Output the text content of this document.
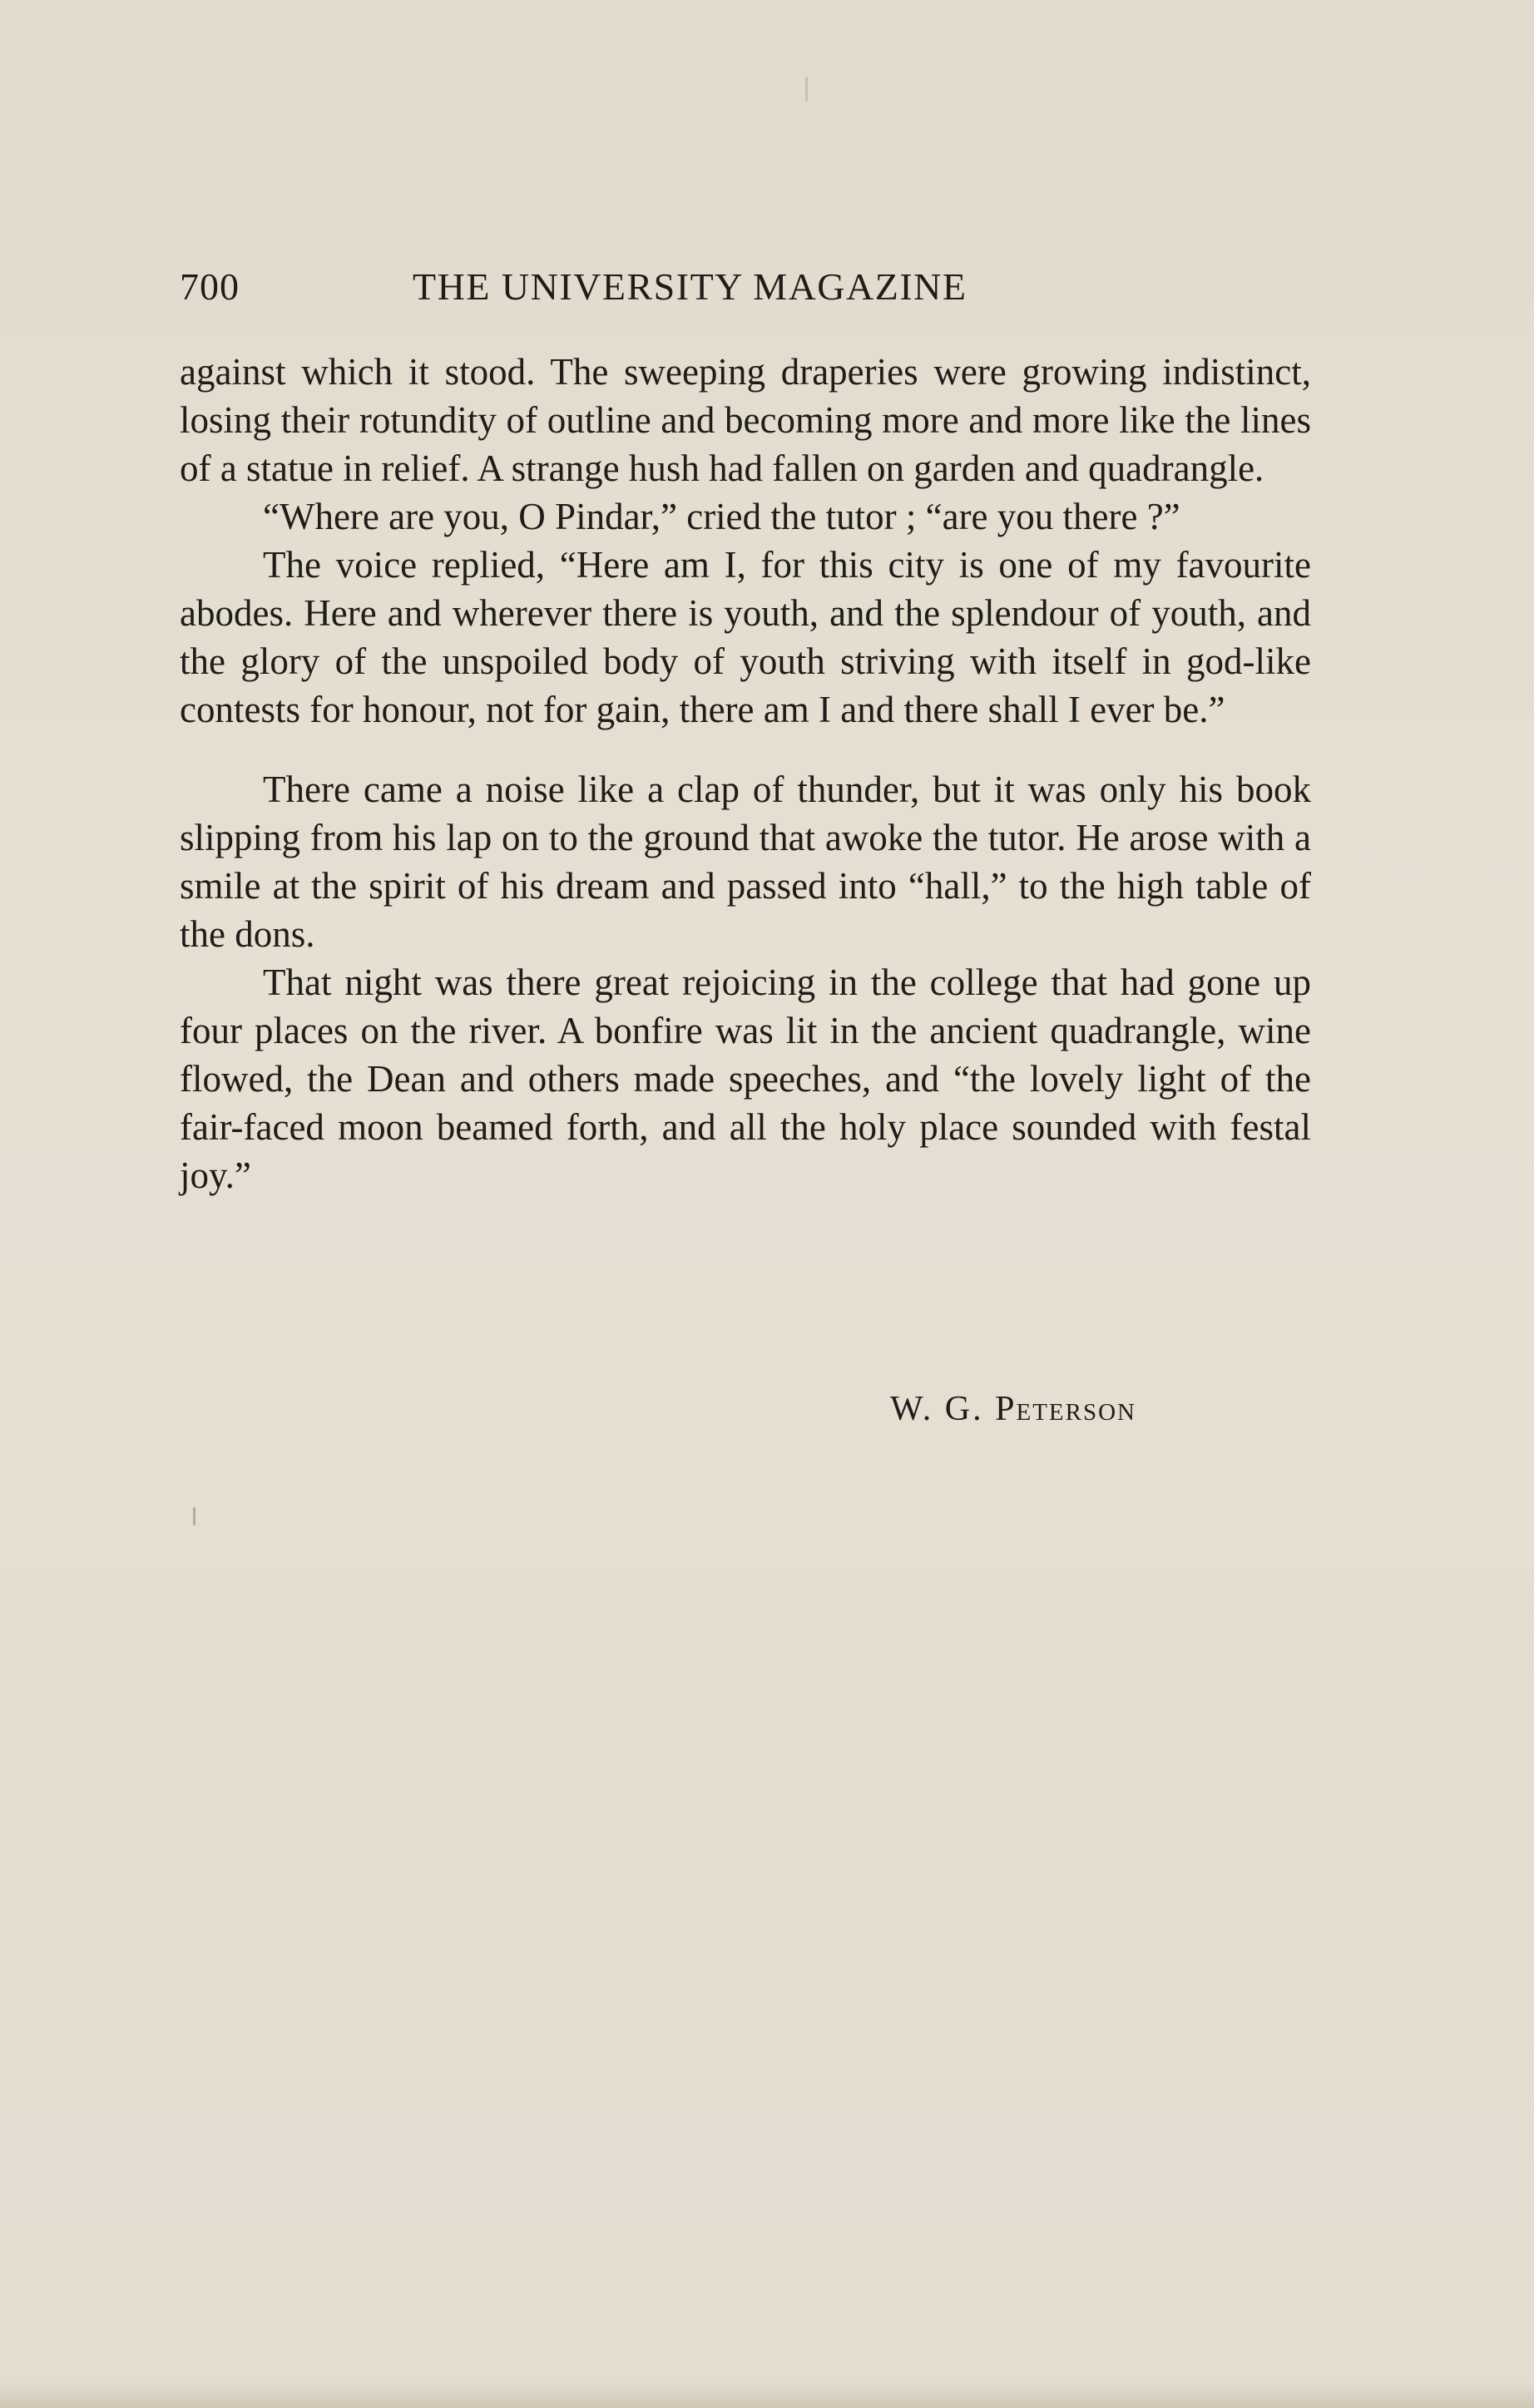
700	THE UNIVERSITY MAGAZINE

against which it stood. The sweeping draperies were growing indistinct, losing their rotundity of outline and becoming more and more like the lines of a statue in relief. A strange hush had fallen on garden and quadrangle.

“Where are you, O Pindar,” cried the tutor ; “are you there ?”

The voice replied, “Here am I, for this city is one of my favourite abodes. Here and wherever there is youth, and the splendour of youth, and the glory of the unspoiled body of youth striving with itself in god-like contests for honour, not for gain, there am I and there shall I ever be.”

There came a noise like a clap of thunder, but it was only his book slipping from his lap on to the ground that awoke the tutor. He arose with a smile at the spirit of his dream and passed into “hall,” to the high table of the dons.

That night was there great rejoicing in the college that had gone up four places on the river. A bonfire was lit in the ancient quadrangle, wine flowed, the Dean and others made speeches, and “the lovely light of the fair-faced moon beamed forth, and all the holy place sounded with festal joy.”

W. G. Peterson
